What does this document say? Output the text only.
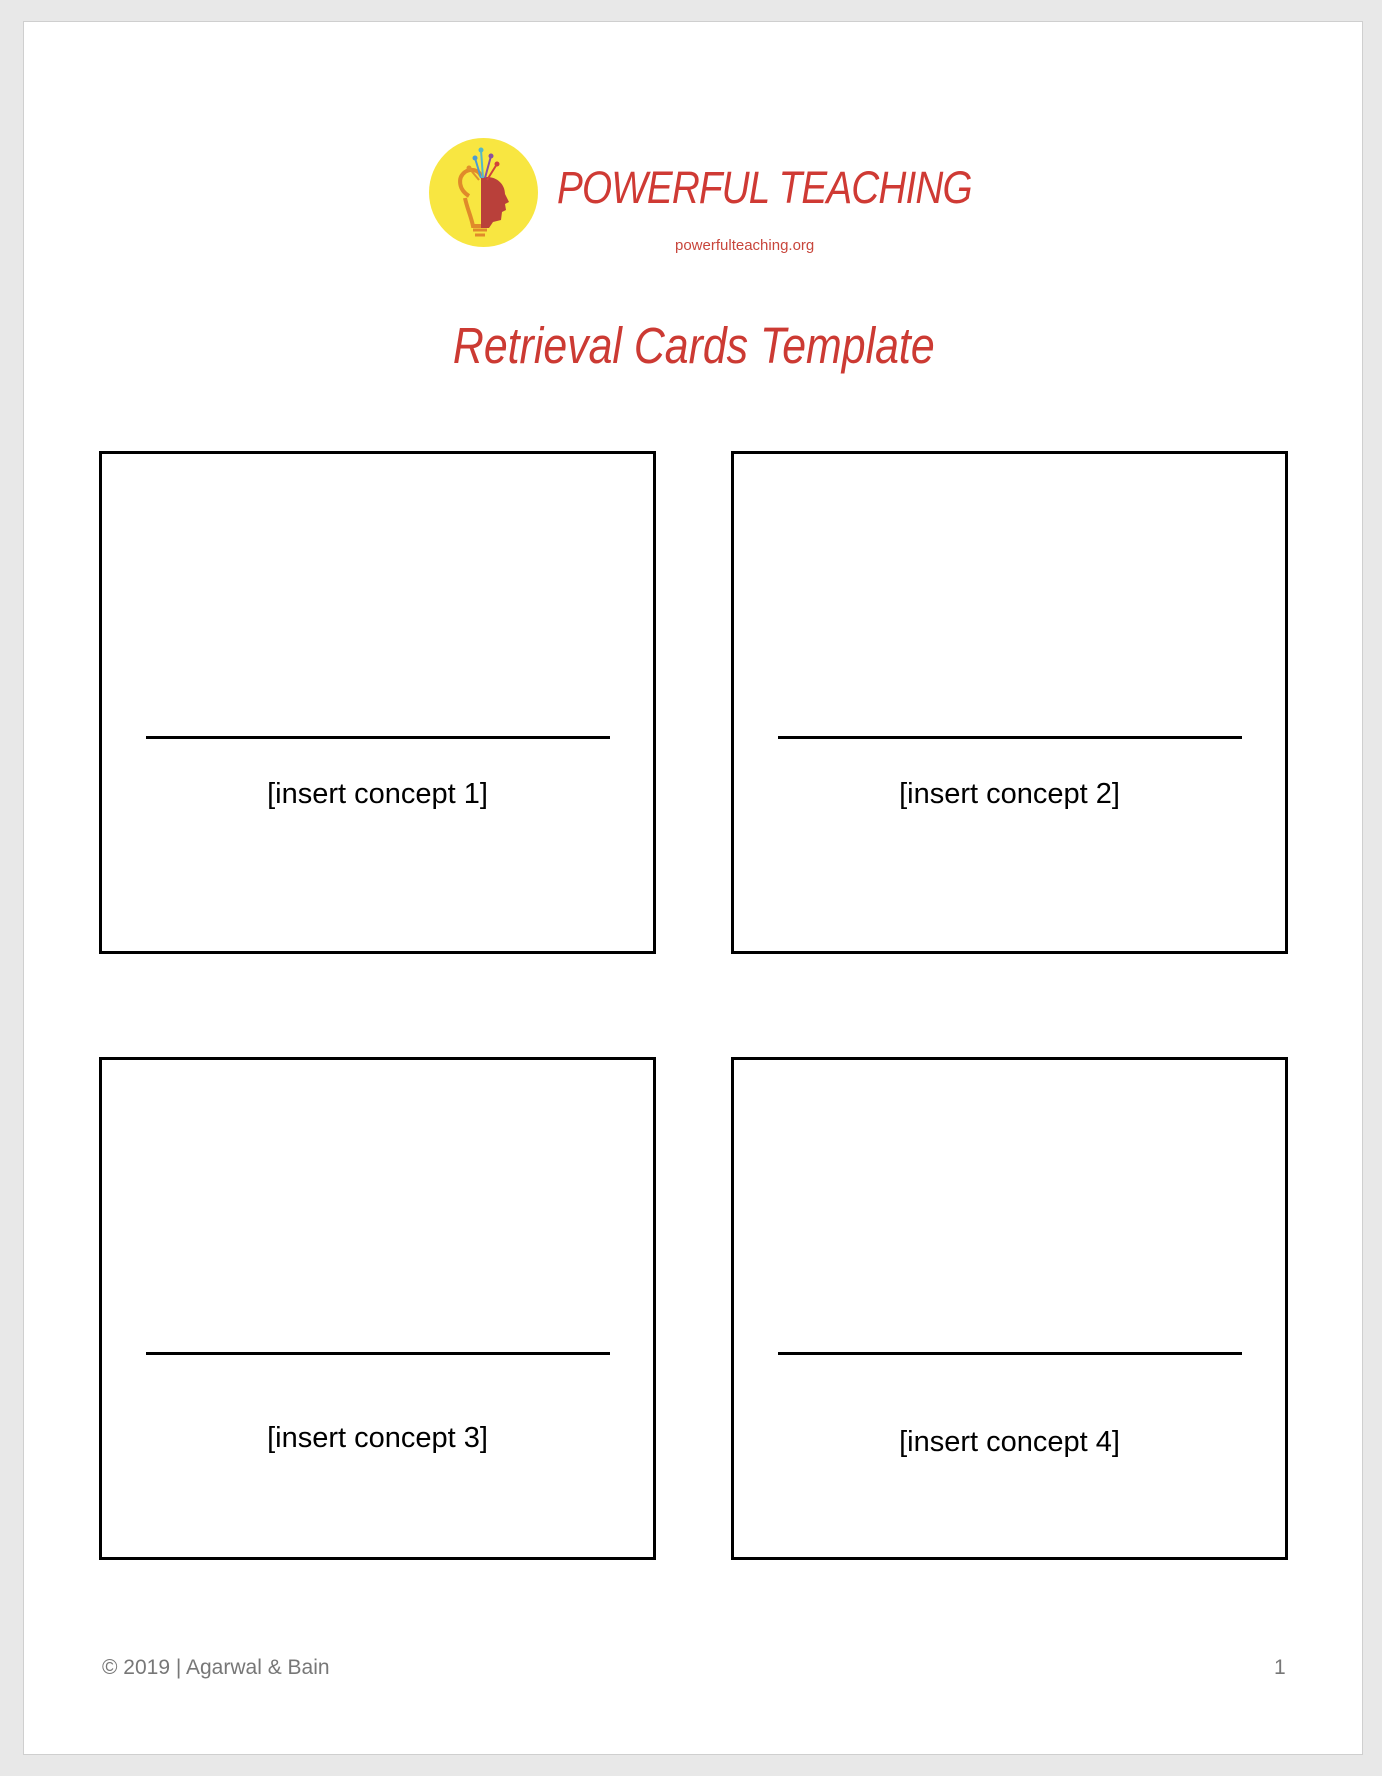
POWERFUL TEACHING
powerfulteaching.org
Retrieval Cards Template
[insert concept 1]	[insert concept 2]
[insert concept 3]	[insert concept 4]
© 2019 | Agarwal & Bain	1
